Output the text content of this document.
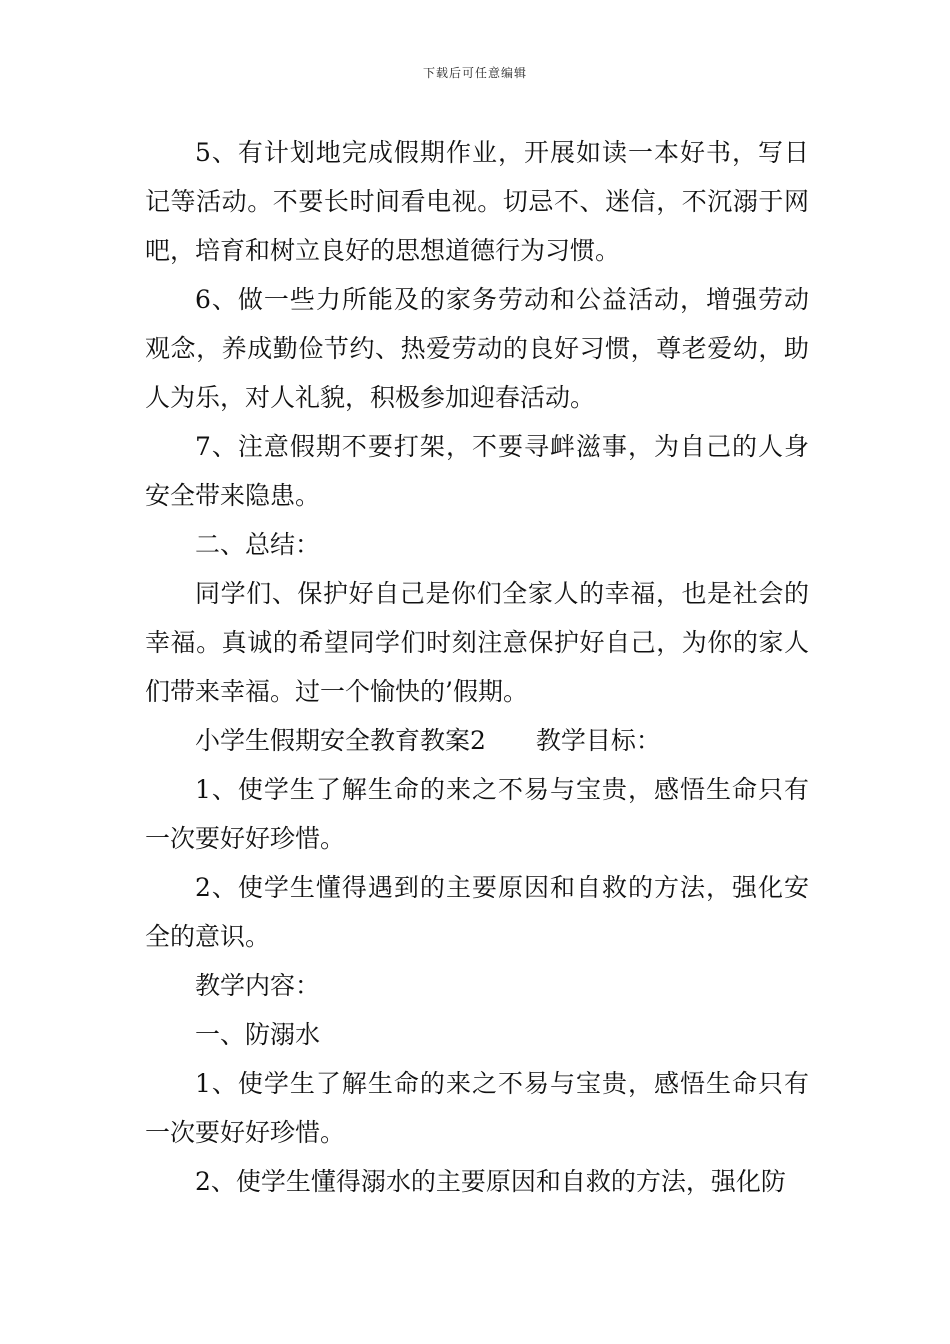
下载后可任意编辑

5、有计划地完成假期作业，开展如读一本好书，写日记等活动。不要长时间看电视。切忌不、迷信，不沉溺于网吧，培育和树立良好的思想道德行为习惯。

6、做一些力所能及的家务劳动和公益活动，增强劳动观念，养成勤俭节约、热爱劳动的良好习惯，尊老爱幼，助人为乐，对人礼貌，积极参加迎春活动。

7、注意假期不要打架，不要寻衅滋事，为自己的人身安全带来隐患。

二、总结：

同学们、保护好自己是你们全家人的幸福，也是社会的幸福。真诚的希望同学们时刻注意保护好自己，为你的家人们带来幸福。过一个愉快的’假期。

小学生假期安全教育教案2　　教学目标：

1、使学生了解生命的来之不易与宝贵，感悟生命只有一次要好好珍惜。

2、使学生懂得遇到的主要原因和自救的方法，强化安全的意识。

教学内容：

一、防溺水

1、使学生了解生命的来之不易与宝贵，感悟生命只有一次要好好珍惜。

2、使学生懂得溺水的主要原因和自救的方法，强化防
